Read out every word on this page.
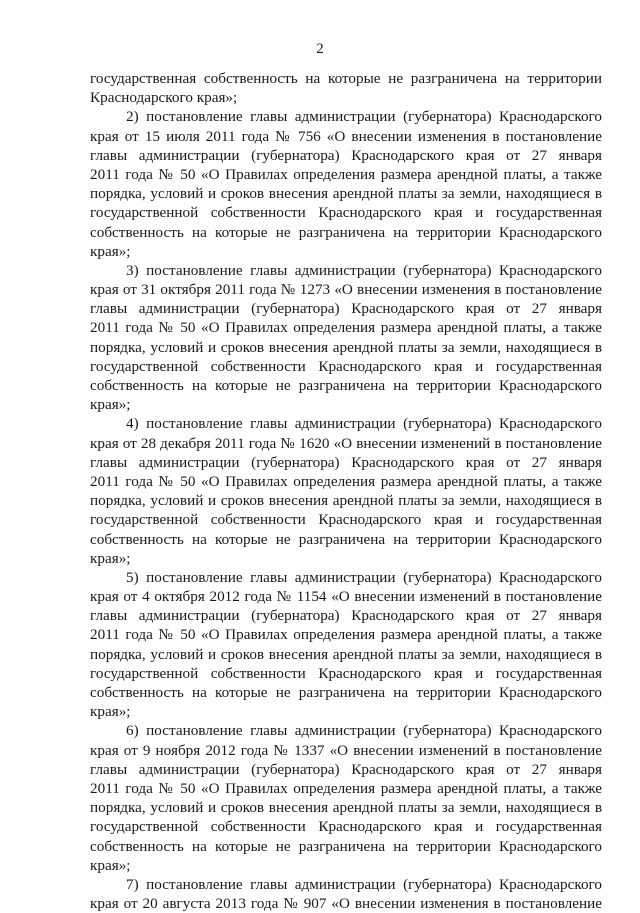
2
государственная собственность на которые не разграничена на территории
Краснодарского края»;
2) постановление главы администрации (губернатора) Краснодарского
края от 15 июля 2011 года № 756 «О внесении изменения в постановление
главы администрации (губернатора) Краснодарского края от 27 января
2011 года № 50 «О Правилах определения размера арендной платы, а также
порядка, условий и сроков внесения арендной платы за земли, находящиеся в
государственной собственности Краснодарского края и государственная
собственность на которые не разграничена на территории Краснодарского
края»;
3) постановление главы администрации (губернатора) Краснодарского
края от 31 октября 2011 года № 1273 «О внесении изменения в постановление
главы администрации (губернатора) Краснодарского края от 27 января
2011 года № 50 «О Правилах определения размера арендной платы, а также
порядка, условий и сроков внесения арендной платы за земли, находящиеся в
государственной собственности Краснодарского края и государственная
собственность на которые не разграничена на территории Краснодарского
края»;
4) постановление главы администрации (губернатора) Краснодарского
края от 28 декабря 2011 года № 1620 «О внесении изменений в постановление
главы администрации (губернатора) Краснодарского края от 27 января
2011 года № 50 «О Правилах определения размера арендной платы, а также
порядка, условий и сроков внесения арендной платы за земли, находящиеся в
государственной собственности Краснодарского края и государственная
собственность на которые не разграничена на территории Краснодарского
края»;
5) постановление главы администрации (губернатора) Краснодарского
края от 4 октября 2012 года № 1154 «О внесении изменений в постановление
главы администрации (губернатора) Краснодарского края от 27 января
2011 года № 50 «О Правилах определения размера арендной платы, а также
порядка, условий и сроков внесения арендной платы за земли, находящиеся в
государственной собственности Краснодарского края и государственная
собственность на которые не разграничена на территории Краснодарского
края»;
6) постановление главы администрации (губернатора) Краснодарского
края от 9 ноября 2012 года № 1337 «О внесении изменений в постановление
главы администрации (губернатора) Краснодарского края от 27 января
2011 года № 50 «О Правилах определения размера арендной платы, а также
порядка, условий и сроков внесения арендной платы за земли, находящиеся в
государственной собственности Краснодарского края и государственная
собственность на которые не разграничена на территории Краснодарского
края»;
7) постановление главы администрации (губернатора) Краснодарского
края от 20 августа 2013 года № 907 «О внесении изменения в постановление
